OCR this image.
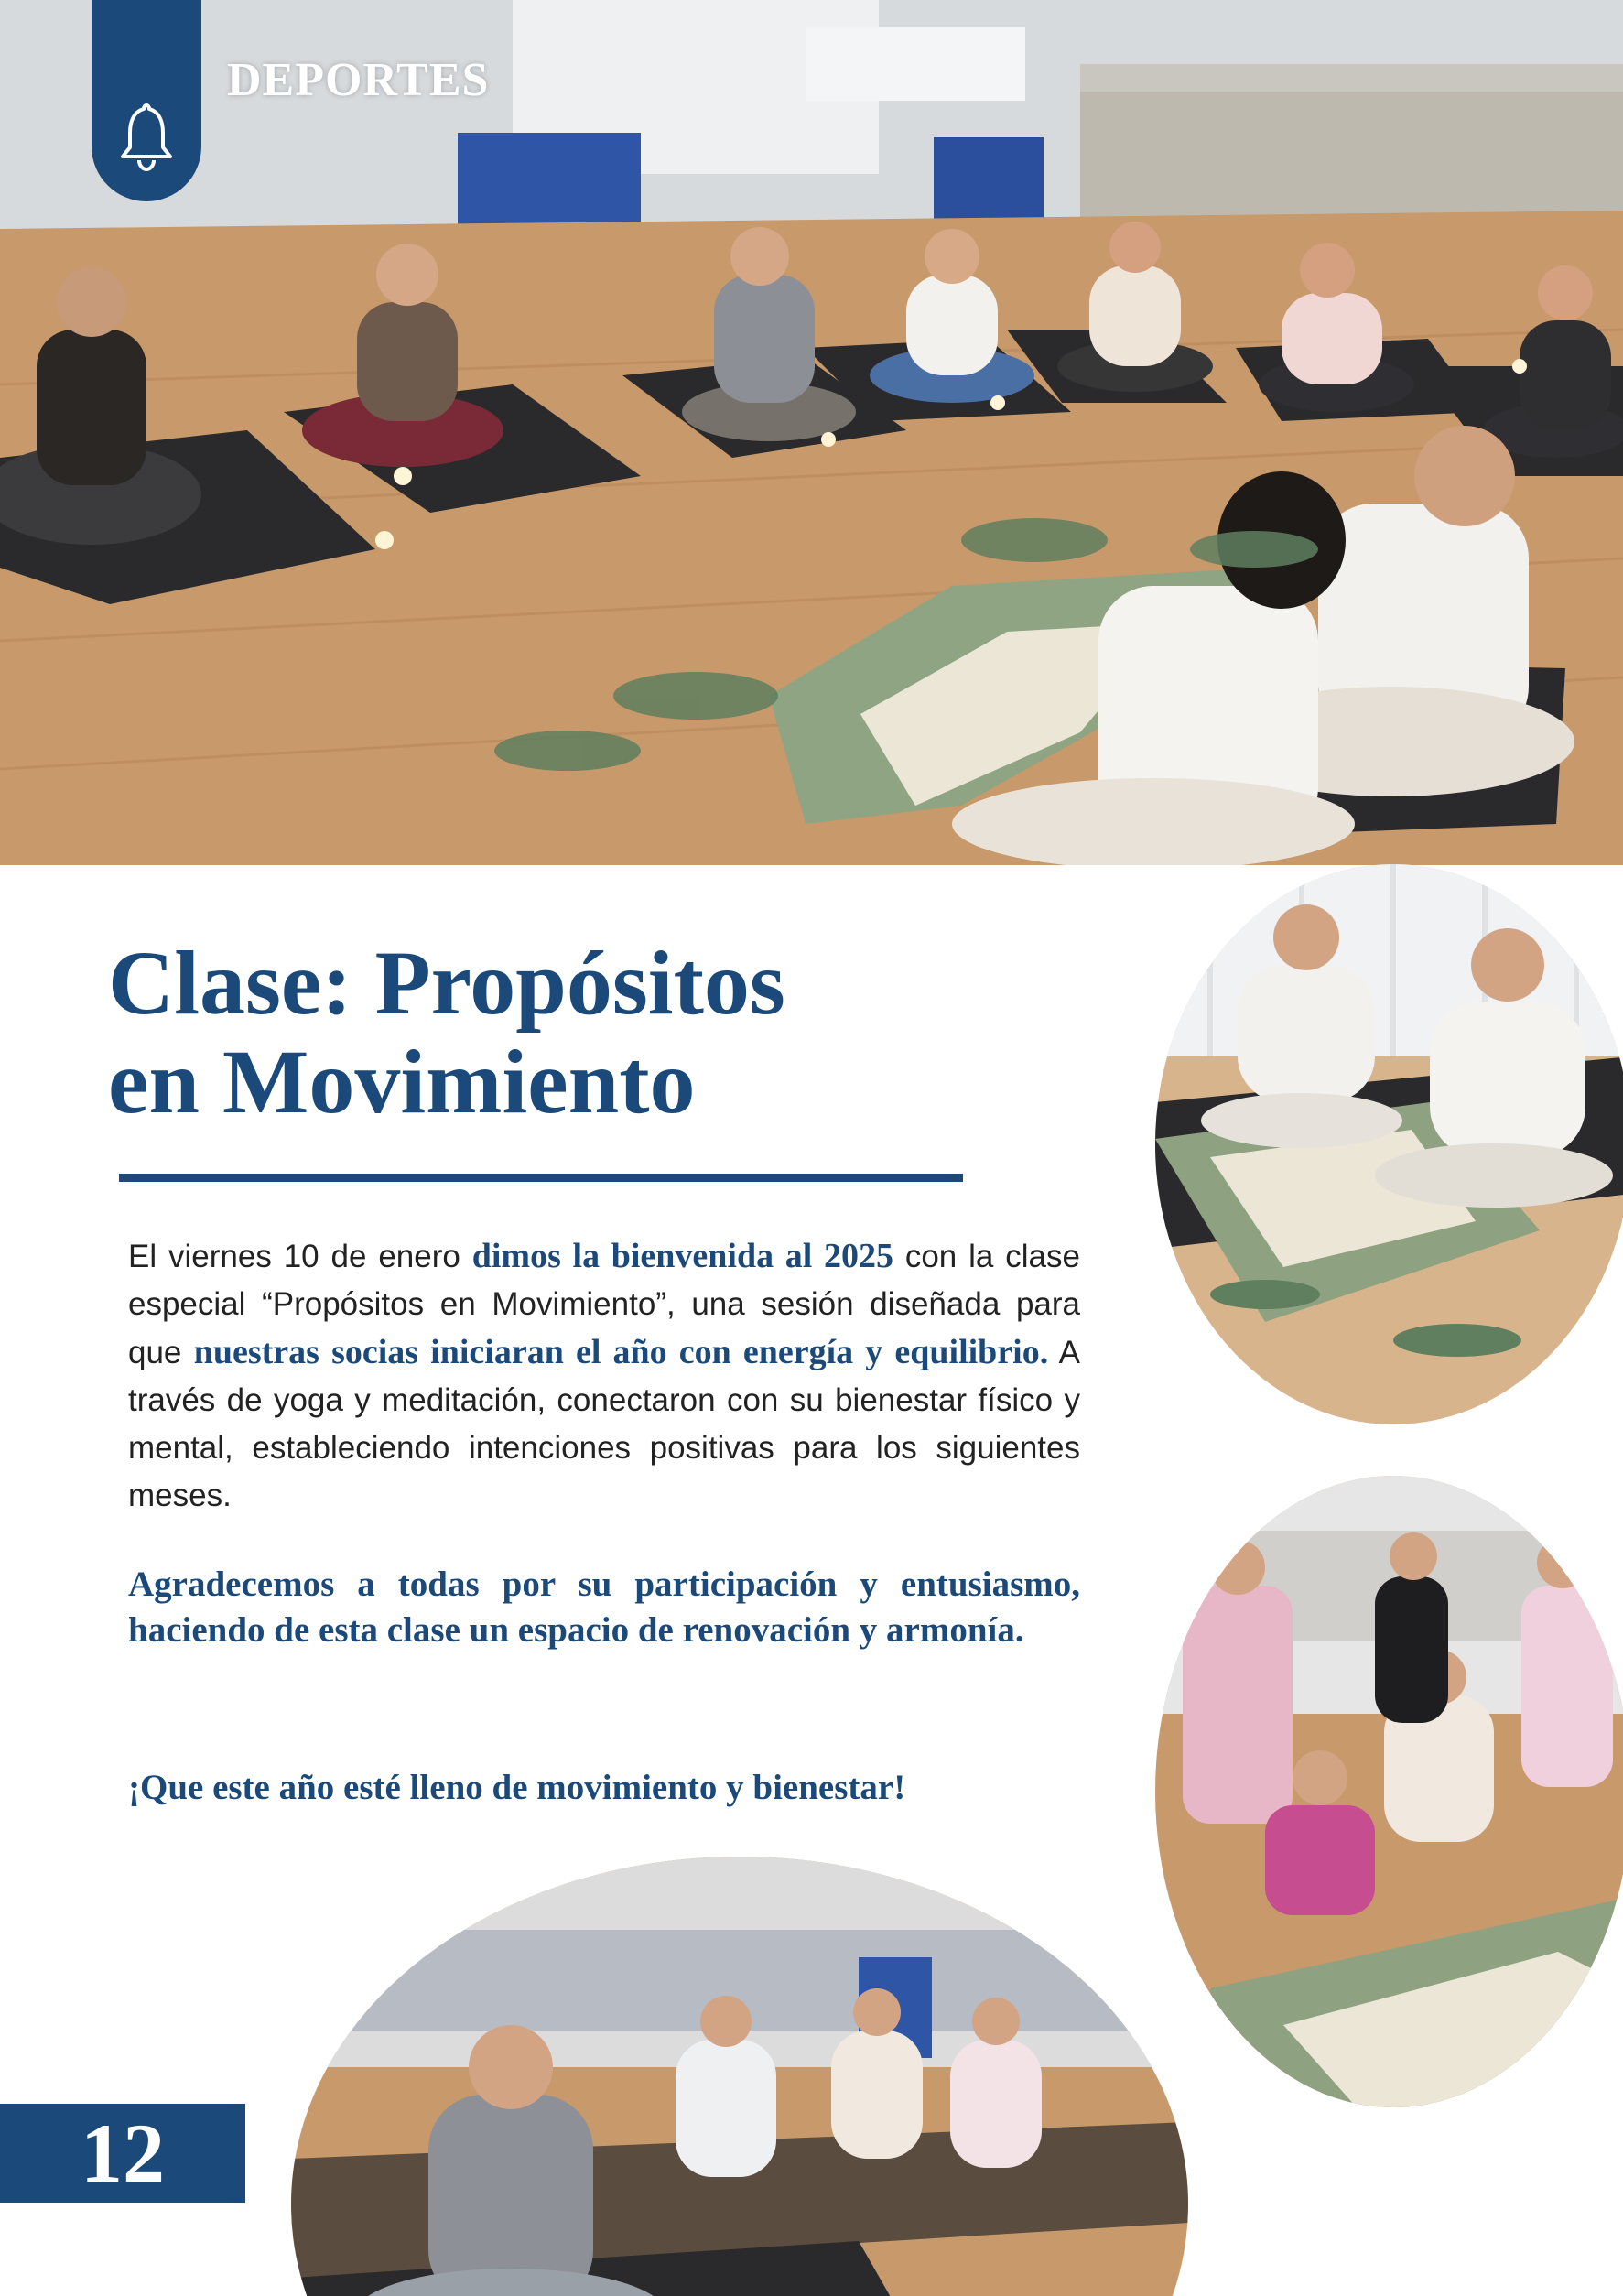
DEPORTES
Clase: Propósitos
en Movimiento
El viernes 10 de enero dimos la bienvenida al 2025 con la clase especial “Propósitos en Movimiento”, una sesión diseñada para que nuestras socias iniciaran el año con energía y equilibrio. A través de yoga y meditación, conectaron con su bienestar físico y mental, estableciendo intenciones positivas para los siguientes meses.
Agradecemos a todas por su participación y entusiasmo, haciendo de esta clase un espacio de renovación y armonía.
¡Que este año esté lleno de movimiento y bienestar!
12
